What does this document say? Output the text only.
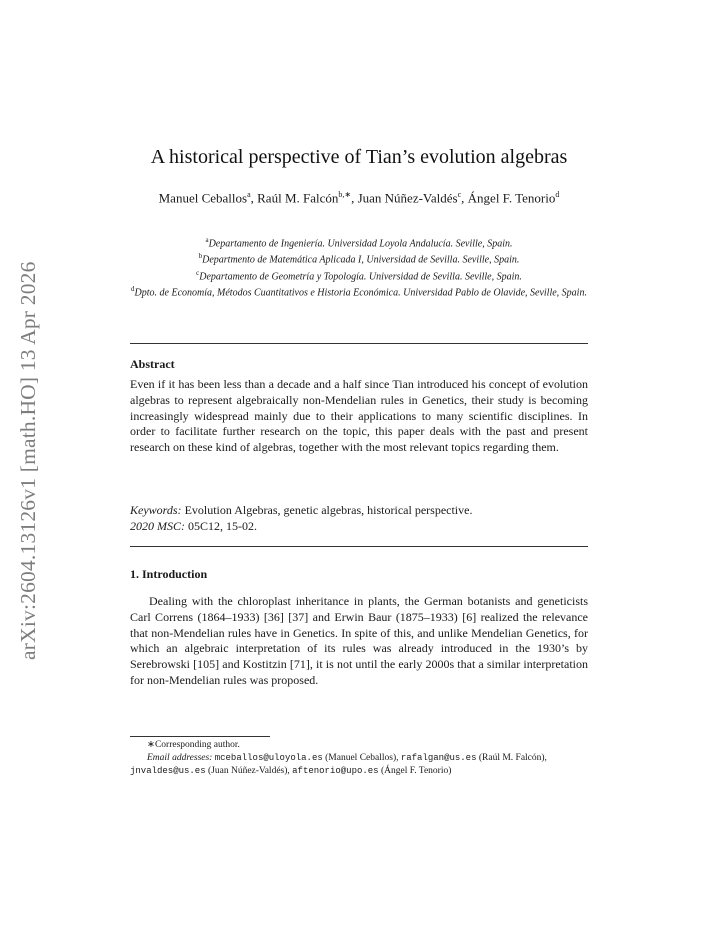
arXiv:2604.13126v1 [math.HO] 13 Apr 2026
A historical perspective of Tian’s evolution algebras
Manuel Ceballos$^a$, Raúl M. Falcón$^{b,∗}$, Juan Núñez-Valdés$^c$, Ángel F. Tenorio$^d$
$^a$Departamento de Ingeniería. Universidad Loyola Andalucía. Seville, Spain.
$^b$Departmento de Matemática Aplicada I, Universidad de Sevilla. Seville, Spain.
$^c$Departamento de Geometría y Topología. Universidad de Sevilla. Seville, Spain.
$^d$Dpto. de Economía, Métodos Cuantitativos e Historia Económica. Universidad Pablo de Olavide, Seville, Spain.
Abstract
Even if it has been less than a decade and a half since Tian introduced his concept of evolution algebras to represent algebraically non-Mendelian rules in Genetics, their study is becoming increasingly widespread mainly due to their applications to many scientific disciplines. In order to facilitate further research on the topic, this paper deals with the past and present research on these kind of algebras, together with the most relevant topics regarding them.
Keywords: Evolution Algebras, genetic algebras, historical perspective.
2020 MSC: 05C12, 15-02.
1. Introduction
Dealing with the chloroplast inheritance in plants, the German botanists and geneticists Carl Correns (1864–1933) [36] [37] and Erwin Baur (1875–1933) [6] realized the relevance that non-Mendelian rules have in Genetics. In spite of this, and unlike Mendelian Genetics, for which an algebraic interpretation of its rules was already introduced in the 1930’s by Serebrowski [105] and Kostitzin [71], it is not until the early 2000s that a similar interpretation for non-Mendelian rules was proposed.
∗Corresponding author.
Email addresses: mceballos@uloyola.es (Manuel Ceballos), rafalgan@us.es (Raúl M. Falcón), jnvaldes@us.es (Juan Núñez-Valdés), aftenorio@upo.es (Ángel F. Tenorio)
